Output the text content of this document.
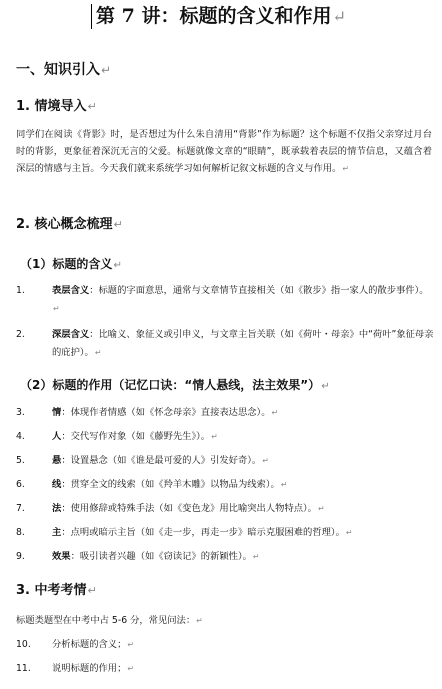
第 7 讲：标题的含义和作用↵
一、知识引入↵
1. 情境导入↵
同学们在阅读《背影》时，是否想过为什么朱自清用“背影”作为标题？这个标题不仅指父亲穿过月台时的背影，更象征着深沉无言的父爱。标题就像文章的“眼睛”，既承载着表层的情节信息，又蕴含着深层的情感与主旨。今天我们就来系统学习如何解析记叙文标题的含义与作用。↵
2. 核心概念梳理↵
（1）标题的含义↵
1.	表层含义：标题的字面意思，通常与文章情节直接相关（如《散步》指一家人的散步事件）。↵
2.	深层含义：比喻义、象征义或引申义，与文章主旨关联（如《荷叶・母亲》中“荷叶”象征母亲的庇护）。↵
（2）标题的作用（记忆口诀：“情人悬线，法主效果”）↵
3.	情：体现作者情感（如《怀念母亲》直接表达思念）。↵
4.	人：交代写作对象（如《藤野先生》）。↵
5.	悬：设置悬念（如《谁是最可爱的人》引发好奇）。↵
6.	线：贯穿全文的线索（如《羚羊木雕》以物品为线索）。↵
7.	法：使用修辞或特殊手法（如《变色龙》用比喻突出人物特点）。↵
8.	主：点明或暗示主旨（如《走一步，再走一步》暗示克服困难的哲理）。↵
9.	效果：吸引读者兴趣（如《窃读记》的新颖性）。↵
3. 中考考情↵
标题类题型在中考中占 5-6 分，常见问法：↵
10. 分析标题的含义；↵
11. 说明标题的作用；↵
